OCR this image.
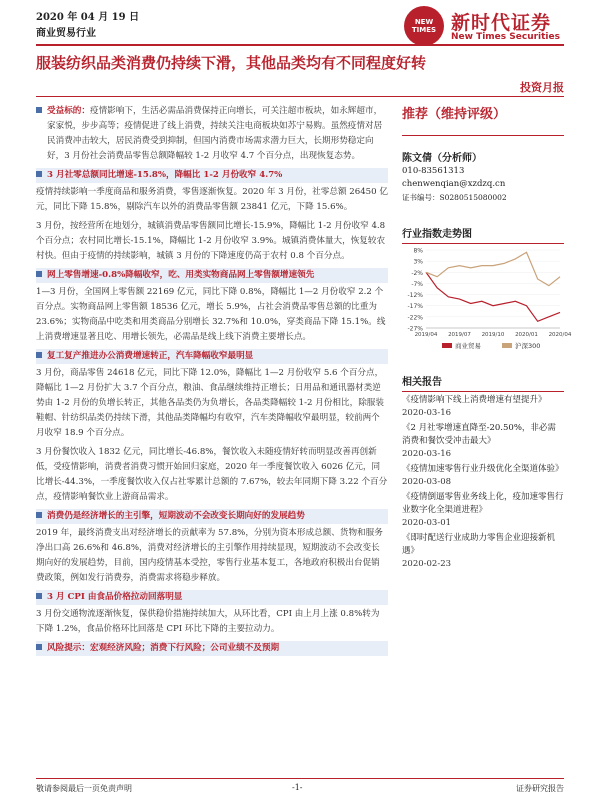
2020 年 04 月 19 日
商业贸易行业
NEW TIMES 新时代证券
New Times Securities
服装纺织品类消费仍持续下滑，其他品类均有不同程度好转
投资月报
受益标的：疫情影响下，生活必需品消费保持正向增长，可关注超市板块，如永辉超市，家家悦，步步高等；疫情促进了线上消费，持续关注电商板块如苏宁易购。虽然疫情对居民消费冲击较大，居民消费受到抑制，但国内消费市场需求潜力巨大，长期形势稳定向好，3 月份社会消费品零售总额降幅较 1-2 月收窄 4.7 个百分点，出现恢复态势。
3 月社零总额同比增速-15.8%，降幅比 1-2 月份收窄 4.7%

疫情持续影响一季度商品和服务消费，零售逐渐恢复。2020 年 3 月份，社零总额 26450 亿元，同比下降 15.8%，剔除汽车以外的消费品零售额 23841 亿元，下降 15.6%。

3 月份，按经营所在地划分，城镇消费品零售额同比增长-15.9%，降幅比 1-2 月份收窄 4.8 个百分点；农村同比增长-15.1%，降幅比 1-2 月份收窄 3.9%。城镇消费体量大，恢复较农村快。但由于疫情的持续影响，城镇 3 月份的下降速度仍高于农村 0.8 个百分点。

网上零售增速-0.8%降幅收窄，吃、用类实物商品网上零售额增速领先

1—3 月份，全国网上零售额 22169 亿元，同比下降 0.8%，降幅比 1—2 月份收窄 2.2 个百分点。实物商品网上零售额 18536 亿元，增长 5.9%，占社会消费品零售总额的比重为 23.6%；实物商品中吃类和用类商品分别增长 32.7%和 10.0%，穿类商品下降 15.1%。线上消费增速显著且吃、用增长领先，必需品是线上线下消费主要增长点。

复工复产推进办公消费增速转正，汽车降幅收窄最明显

3 月份，商品零售 24618 亿元，同比下降 12.0%，降幅比 1—2 月份收窄 5.6 个百分点，降幅比 1—2 月份扩大 3.7 个百分点，粮油、食品继续维持正增长；日用品和通讯器材类逆势由 1-2 月份的负增长转正，其他各品类仍为负增长，各品类降幅较 1-2 月份相比，除服装鞋帽、针纺织品类仍持续下滑，其他品类降幅均有收窄，汽车类降幅收窄最明显，较前两个月收窄 18.9 个百分点。

3 月份餐饮收入 1832 亿元，同比增长-46.8%，餐饮收入未随疫情好转而明显改善再创新低，受疫情影响，消费者消费习惯开始回归家庭，2020 年一季度餐饮收入 6026 亿元，同比增长-44.3%，一季度餐饮收入仅占社零累计总额的 7.67%，较去年同期下降 3.22 个百分点，疫情影响餐饮业上游商品需求。

消费仍是经济增长的主引擎，短期波动不会改变长期向好的发展趋势

2019 年，最终消费支出对经济增长的贡献率为 57.8%，分别为资本形成总额、货物和服务净出口高 26.6%和 46.8%，消费对经济增长的主引擎作用持续显现，短期波动不会改变长期向好的发展趋势，目前，国内疫情基本受控，零售行业基本复工，各地政府积极出台促销费政策，例如发行消费券，消费需求将稳步释放。

3 月 CPI 由食品价格拉动回落明显

3 月份交通物流逐渐恢复，保供稳价措施持续加大，从环比看，CPI 由上月上涨 0.8%转为下降 1.2%，食品价格环比回落是 CPI 环比下降的主要拉动力。

风险提示：宏观经济风险；消费下行风险；公司业绩不及预期
推荐（维持评级）
陈文倩（分析师）
010-83561313
chenwenqian@xzdzq.cn
证书编号：S0280515080002
行业指数走势图
8%
3%
-2%
-7%
-12%
-17%
-22%
-27%
2019/04 2019/07 2019/10 2020/01 2020/04
商业贸易	沪深300
相关报告
《疫情影响下线上消费增速有望提升》
2020-03-16
《2 月社零增速直降至-20.50%，非必需消费和餐饮受冲击最大》
2020-03-16
《疫情加速零售行业升级优化全渠道体验》
2020-03-08
《疫情倒逼零售业务线上化，疫加速零售行业数字化全渠道进程》
2020-03-01
《即时配送行业成助力零售企业迎接新机遇》
2020-02-23
敬请参阅最后一页免责声明	-1-	证券研究报告
